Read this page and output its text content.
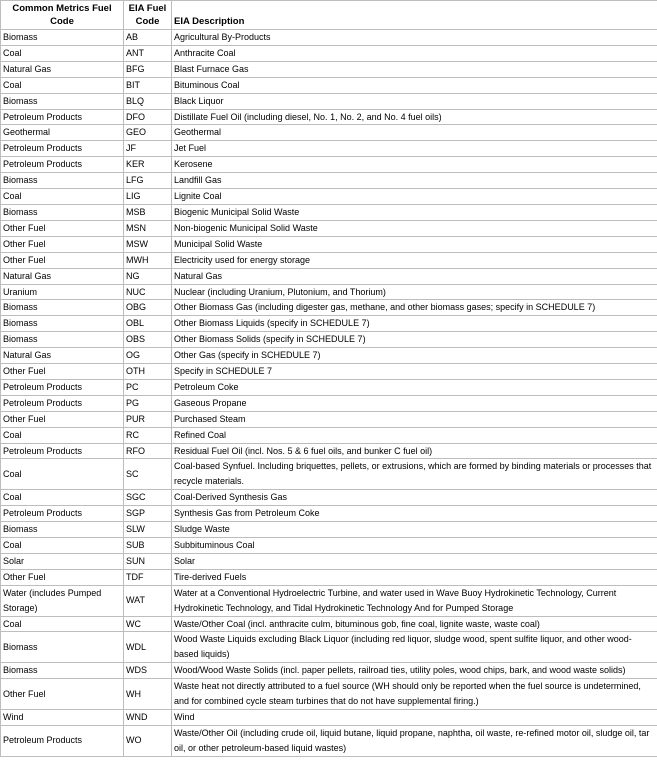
Common Metrics Fuel Code	EIA Fuel Code	EIA Description
Biomass	AB	Agricultural By-Products
Coal	ANT	Anthracite Coal
Natural Gas	BFG	Blast Furnace Gas
Coal	BIT	Bituminous Coal
Biomass	BLQ	Black Liquor
Petroleum Products	DFO	Distillate Fuel Oil (including diesel, No. 1, No. 2, and No. 4 fuel oils)
Geothermal	GEO	Geothermal
Petroleum Products	JF	Jet Fuel
Petroleum Products	KER	Kerosene
Biomass	LFG	Landfill Gas
Coal	LIG	Lignite Coal
Biomass	MSB	Biogenic Municipal Solid Waste
Other Fuel	MSN	Non-biogenic Municipal Solid Waste
Other Fuel	MSW	Municipal Solid Waste
Other Fuel	MWH	Electricity used for energy storage
Natural Gas	NG	Natural Gas
Uranium	NUC	Nuclear (including Uranium, Plutonium, and Thorium)
Biomass	OBG	Other Biomass Gas (including digester gas, methane, and other biomass gases; specify in SCHEDULE 7)
Biomass	OBL	Other Biomass Liquids (specify in SCHEDULE 7)
Biomass	OBS	Other Biomass Solids (specify in SCHEDULE 7)
Natural Gas	OG	Other Gas (specify in SCHEDULE 7)
Other Fuel	OTH	Specify in SCHEDULE 7
Petroleum Products	PC	Petroleum Coke
Petroleum Products	PG	Gaseous Propane
Other Fuel	PUR	Purchased Steam
Coal	RC	Refined Coal
Petroleum Products	RFO	Residual Fuel Oil (incl. Nos. 5 & 6 fuel oils, and bunker C fuel oil)
Coal	SC	Coal-based Synfuel. Including briquettes, pellets, or extrusions, which are formed by binding materials or processes that recycle materials.
Coal	SGC	Coal-Derived Synthesis Gas
Petroleum Products	SGP	Synthesis Gas from Petroleum Coke
Biomass	SLW	Sludge Waste
Coal	SUB	Subbituminous Coal
Solar	SUN	Solar
Other Fuel	TDF	Tire-derived Fuels
Water (includes Pumped Storage)	WAT	Water at a Conventional Hydroelectric Turbine, and water used in Wave Buoy Hydrokinetic Technology, Current Hydrokinetic Technology, and Tidal Hydrokinetic Technology And for Pumped Storage
Coal	WC	Waste/Other Coal (incl. anthracite culm, bituminous gob, fine coal, lignite waste, waste coal)
Biomass	WDL	Wood Waste Liquids excluding Black Liquor (including red liquor, sludge wood, spent sulfite liquor, and other wood-based liquids)
Biomass	WDS	Wood/Wood Waste Solids (incl. paper pellets, railroad ties, utility poles, wood chips, bark, and wood waste solids)
Other Fuel	WH	Waste heat not directly attributed to a fuel source (WH should only be reported when the fuel source is undetermined, and for combined cycle steam turbines that do not have supplemental firing.)
Wind	WND	Wind
Petroleum Products	WO	Waste/Other Oil (including crude oil, liquid butane, liquid propane, naphtha, oil waste, re-refined motor oil, sludge oil, tar oil, or other petroleum-based liquid wastes)
